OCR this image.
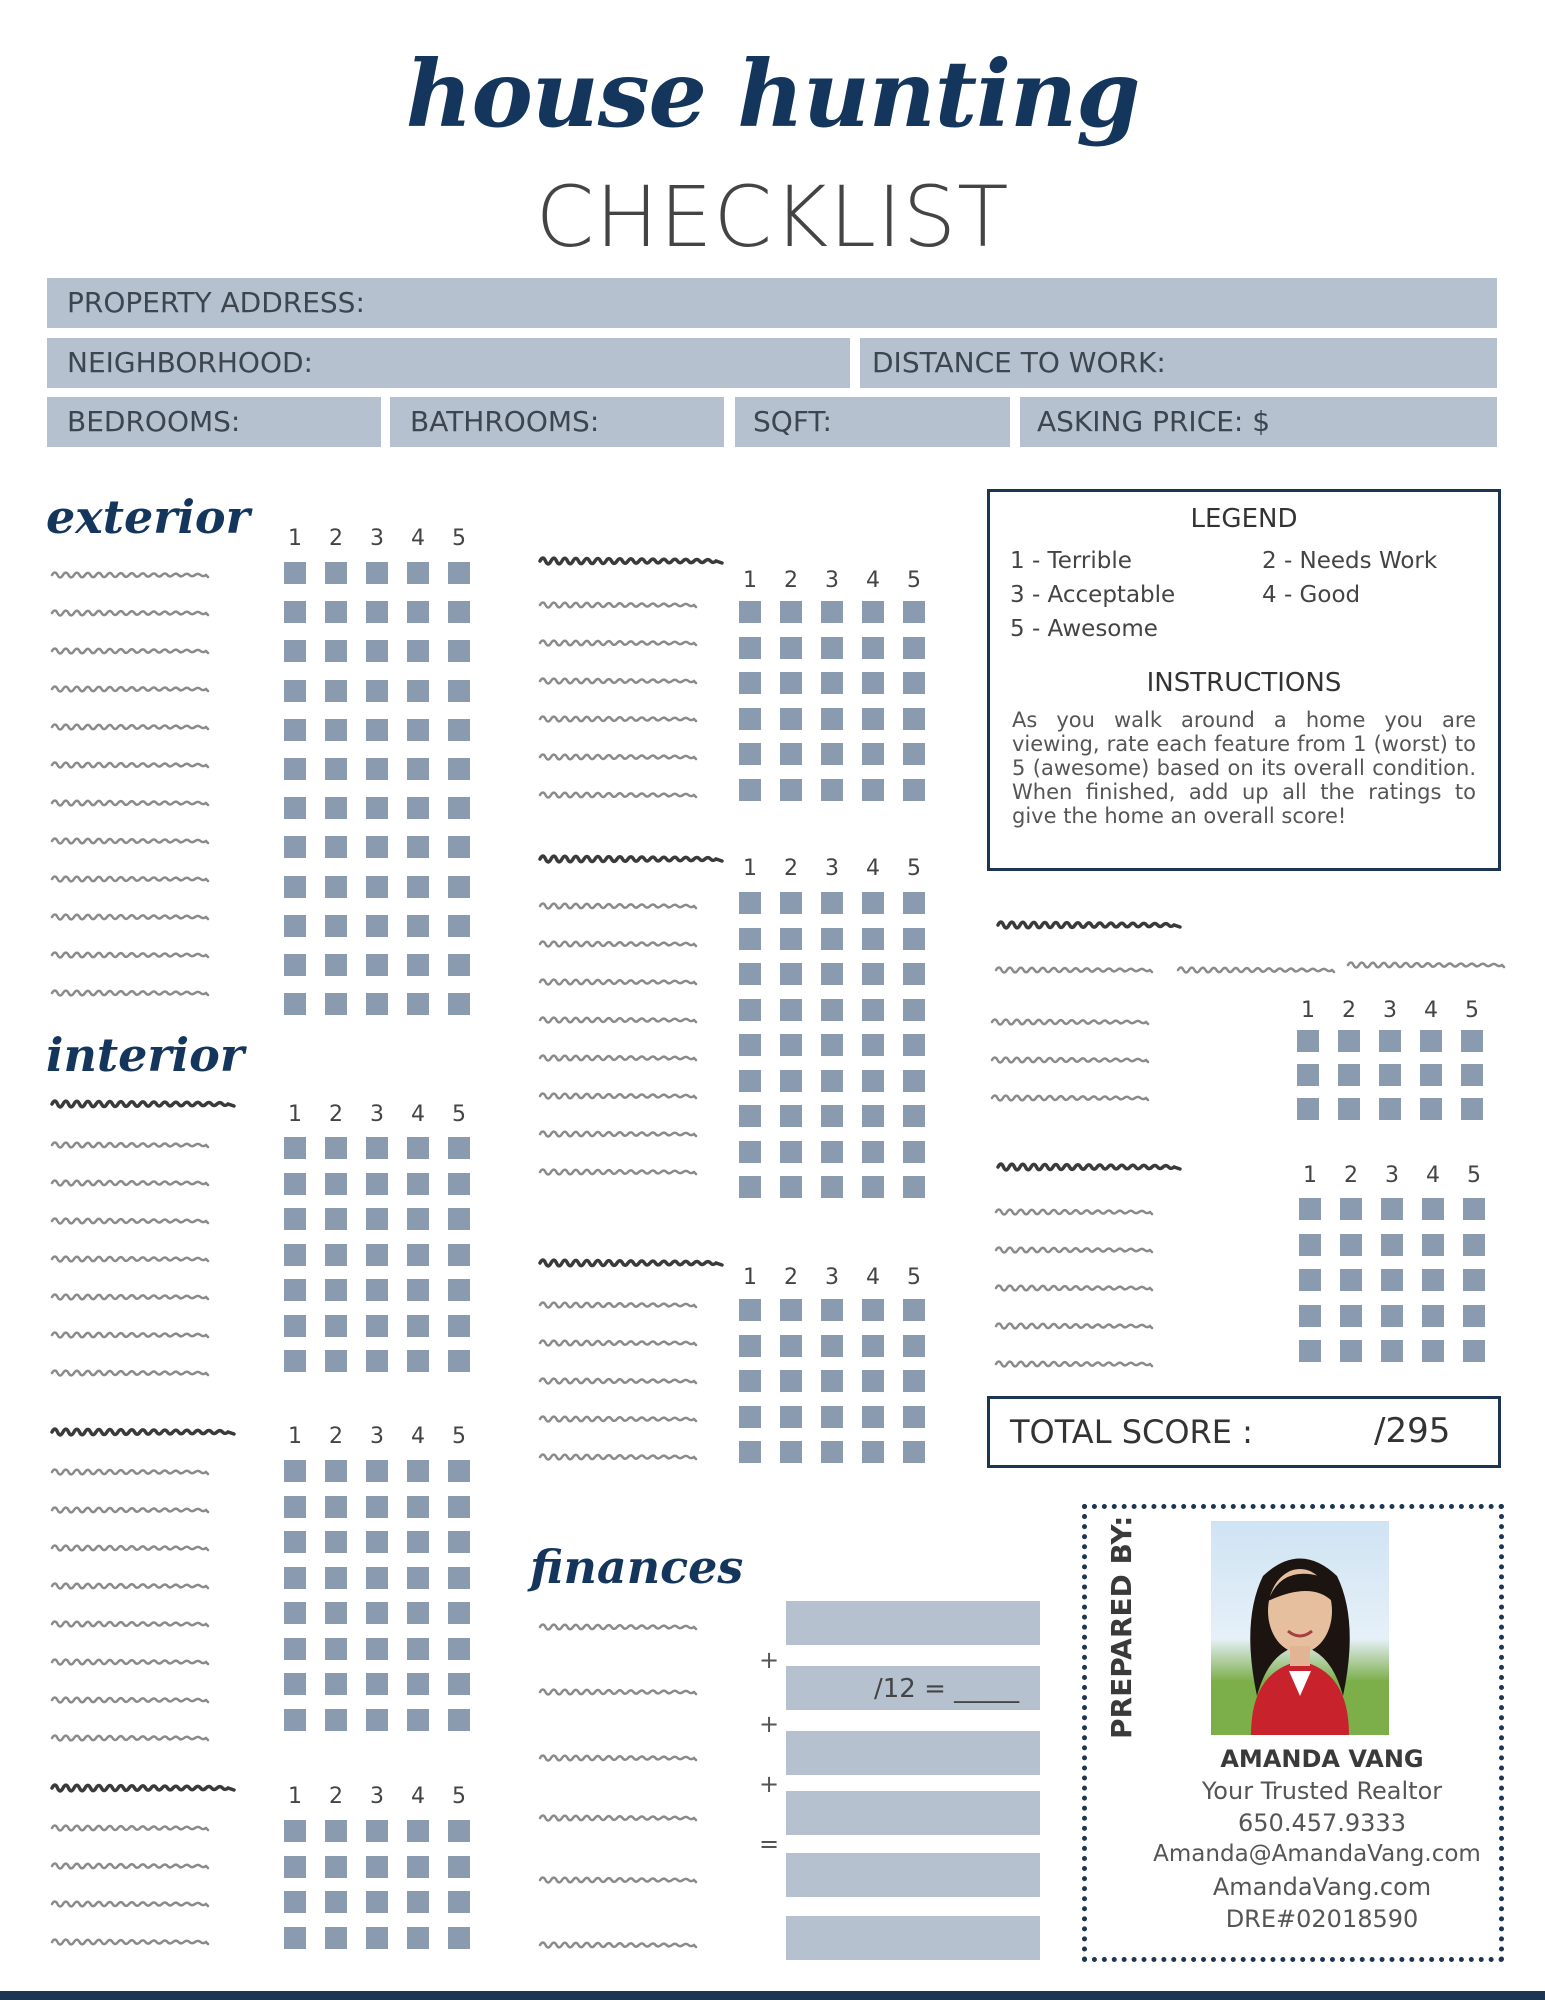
house hunting
CHECKLIST
PROPERTY ADDRESS:
NEIGHBORHOOD:	DISTANCE TO WORK:
BEDROOMS:	BATHROOMS:	SQFT:	ASKING PRICE: $
exterior
interior
finances
1 2 3 4 5
1 2 3 4 5
1 2 3 4 5
1 2 3 4 5
1 2 3 4 5
1 2 3 4 5
1 2 3 4 5
1 2 3 4 5
1 2 3 4 5
LEGEND
1 - Terrible	2 - Needs Work
3 - Acceptable	4 - Good
5 - Awesome
INSTRUCTIONS
As you walk around a home you are viewing, rate each feature from 1 (worst) to 5 (awesome) based on its overall condition. When finished, add up all the ratings to give the home an overall score!
TOTAL SCORE :	/295
/12 = _____
+
+
+
=
PREPARED BY:
AMANDA VANG
Your Trusted Realtor
650.457.9333
Amanda@AmandaVang.com
AmandaVang.com
DRE#02018590
